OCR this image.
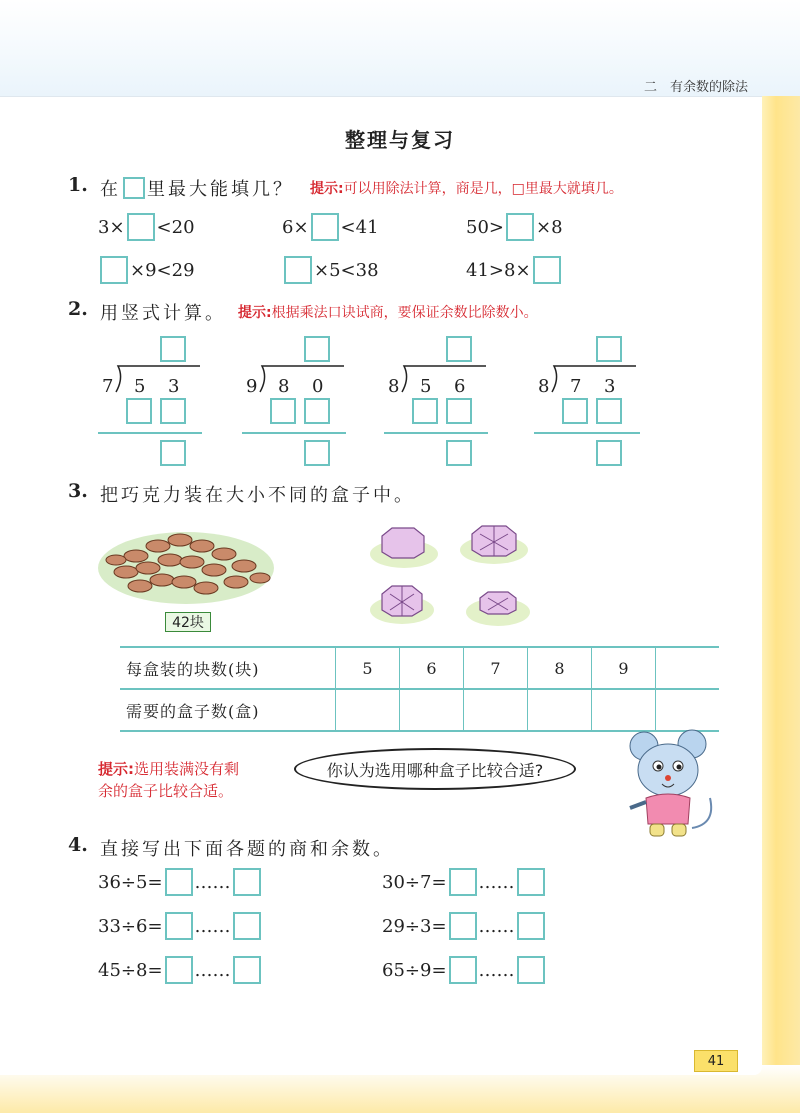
二　有余数的除法
整理与复习
1. 在 里最大能填几？ 提示:可以用除法计算，商是几，□里最大就填几。
3× <20	6× <41	50> ×8
×9<29	×5<38	41>8×
2. 用竖式计算。 提示:根据乘法口诀试商，要保证余数比除数小。
7 5 3	9 8 0	8 5 6	8 7 3
3. 把巧克力装在大小不同的盒子中。
42块
每盒装的块数(块)	5	6	7	8	9	
需要的盒子数(盒)						
提示:选用装满没有剩
余的盒子比较合适。
你认为选用哪种盒子比较合适?
4. 直接写出下面各题的商和余数。
36÷5= ……	30÷7= ……
33÷6= ……	29÷3= ……
45÷8= ……	65÷9= ……
41
